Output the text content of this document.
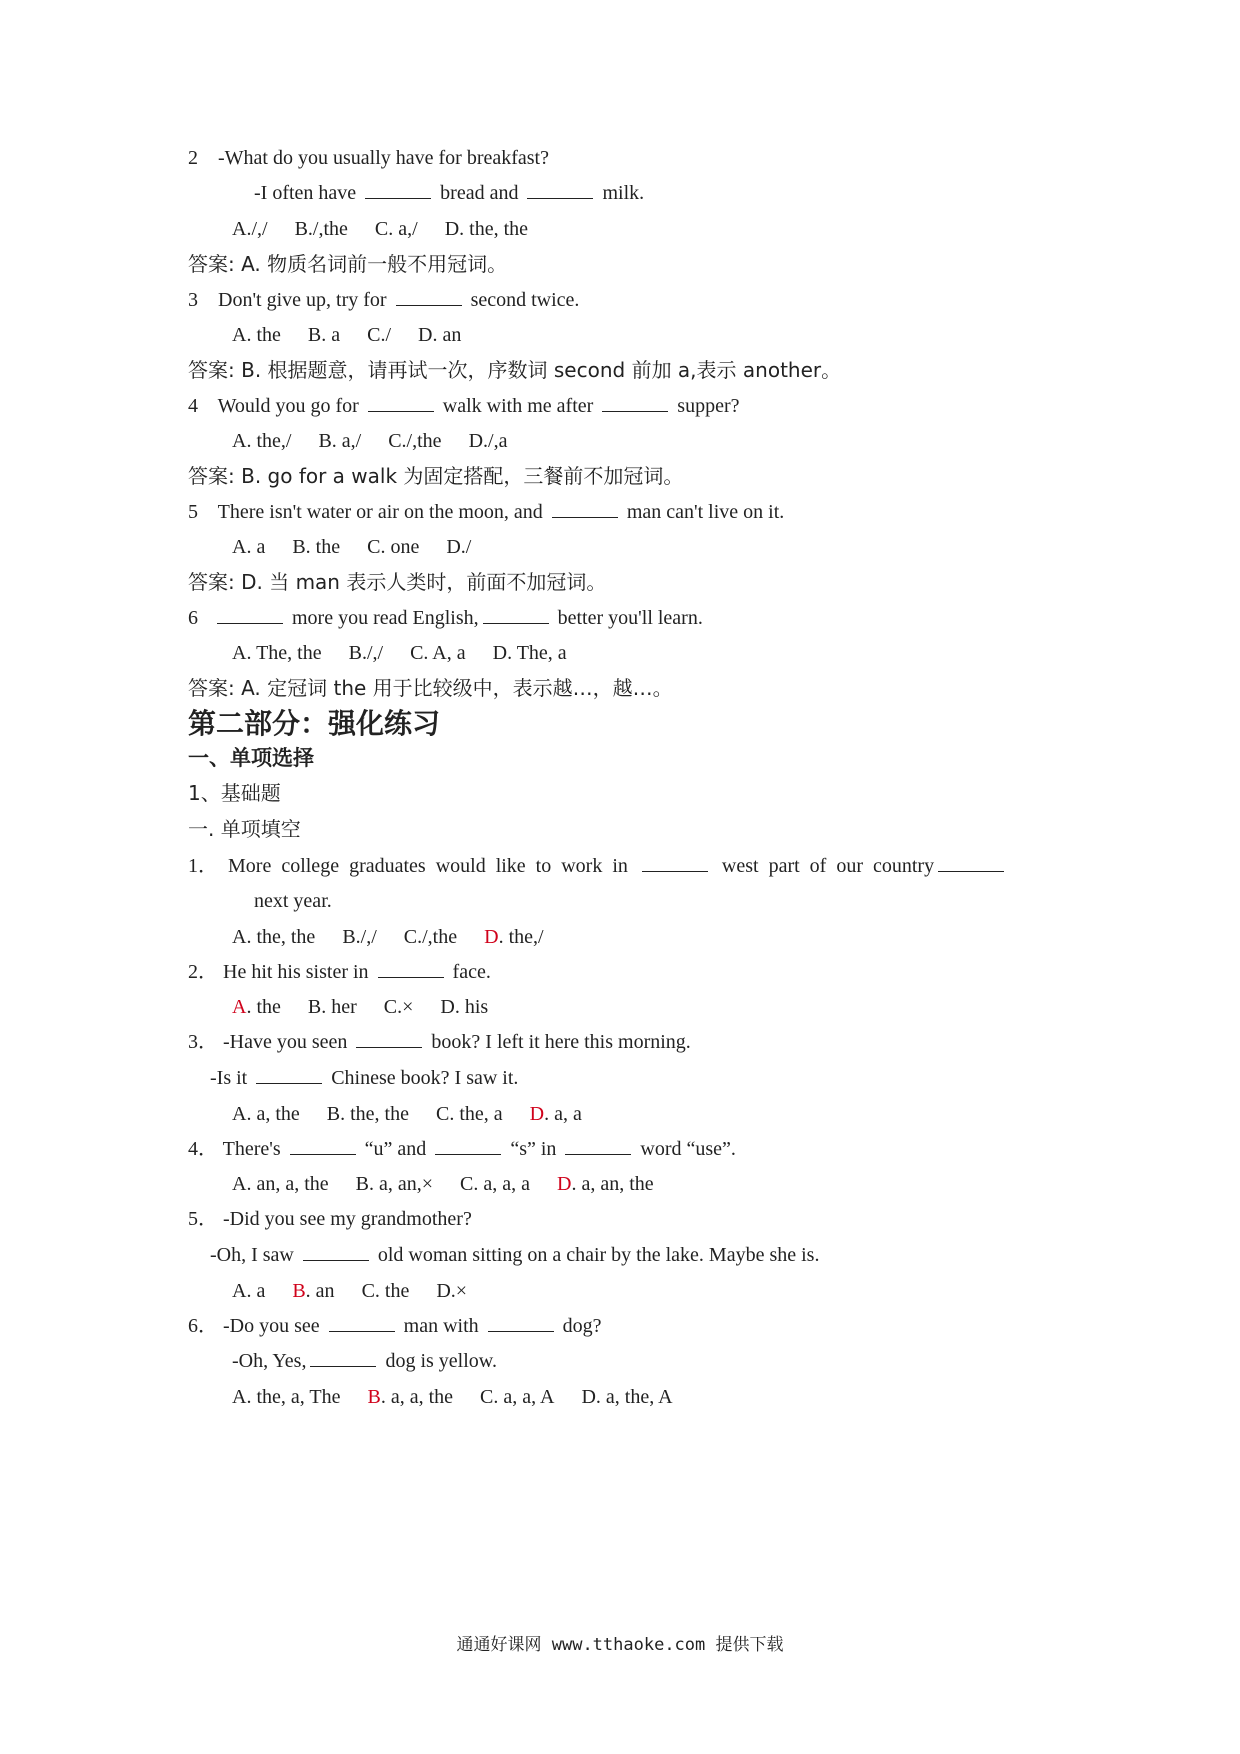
2 -What do you usually have for breakfast?
-I often have	bread and	milk.
A./,/ B./,the C. a,/ D. the, the
答案: A. 物质名词前一般不用冠词。
3 Don't give up, try for	second twice.
A. the B. a C./ D. an
答案: B. 根据题意，请再试一次，序数词 second 前加 a,表示 another。
4 Would you go for	walk with me after	supper?
A. the,/ B. a,/ C./,the D./,a
答案: B. go for a walk 为固定搭配，三餐前不加冠词。
5 There isn't water or air on the moon, and	man can't live on it.
A. a B. the C. one D./
答案: D. 当 man 表示人类时，前面不加冠词。
6	more you read English,	better you'll learn.
A. The, the B./,/ C. A, a D. The, a
答案: A. 定冠词 the 用于比较级中，表示越…，越…。
第二部分：强化练习
一、单项选择
1、基础题
一. 单项填空
1． More college graduates would like to work in	west part of our country
next year.
A. the, the B./,/ C./,the D. the,/
2． He hit his sister in	face.
A. the B. her C.× D. his
3． -Have you seen	book? I left it here this morning.
-Is it	Chinese book? I saw it.
A. a, the B. the, the C. the, a D. a, a
4． There's	“u” and	“s” in	word “use”.
A. an, a, the B. a, an,× C. a, a, a D. a, an, the
5． -Did you see my grandmother?
-Oh, I saw	old woman sitting on a chair by the lake. Maybe she is.
A. a B. an C. the D.×
6． -Do you see	man with	dog?
-Oh, Yes,	dog is yellow.
A. the, a, The B. a, a, the C. a, a, A D. a, the, A
通通好课网 www.tthaoke.com 提供下载
